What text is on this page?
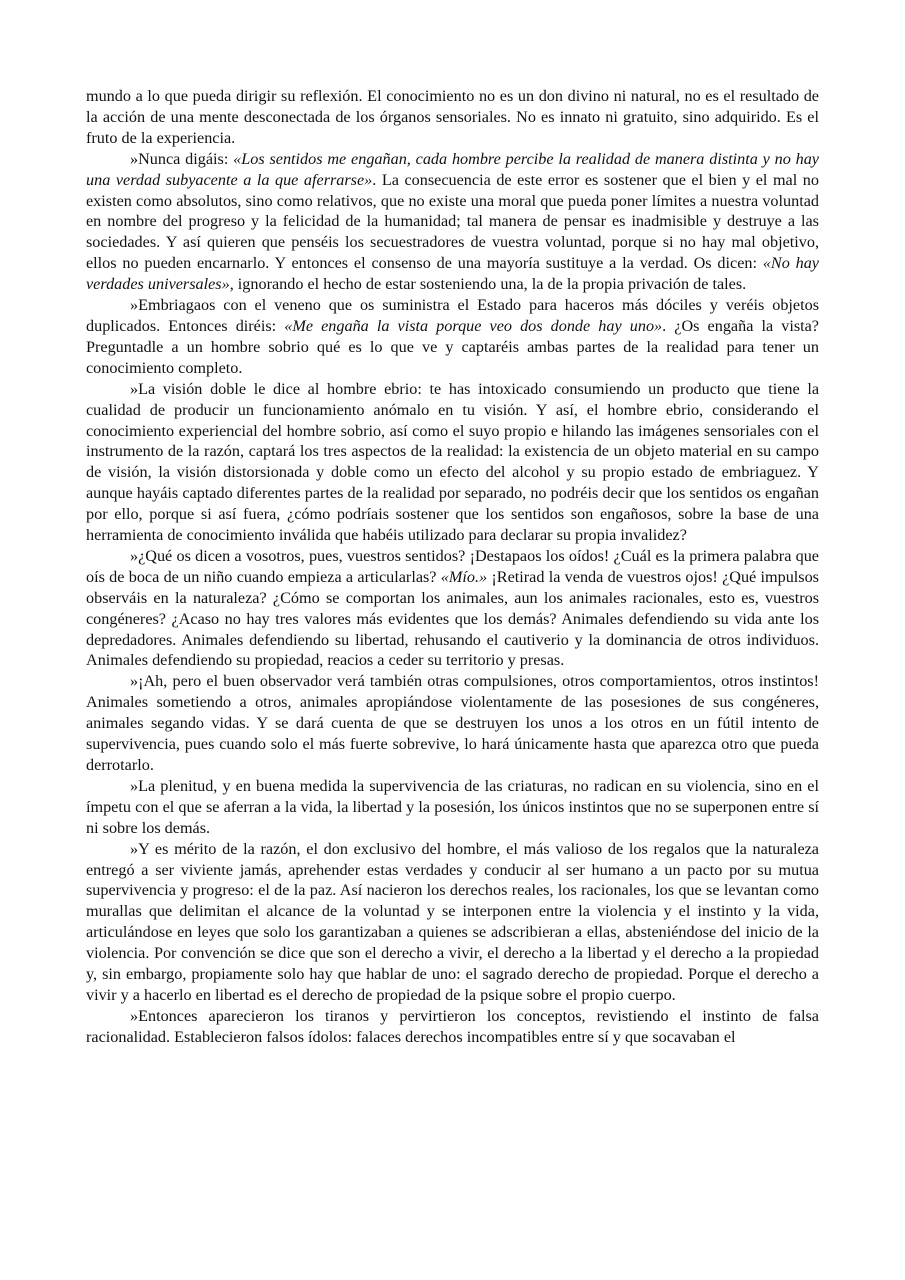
mundo a lo que pueda dirigir su reflexión. El conocimiento no es un don divino ni natural, no es el resultado de la acción de una mente desconectada de los órganos sensoriales. No es innato ni gratuito, sino adquirido. Es el fruto de la experiencia.

»Nunca digáis: «Los sentidos me engañan, cada hombre percibe la realidad de manera distinta y no hay una verdad subyacente a la que aferrarse». La consecuencia de este error es sostener que el bien y el mal no existen como absolutos, sino como relativos, que no existe una moral que pueda poner límites a nuestra voluntad en nombre del progreso y la felicidad de la humanidad; tal manera de pensar es inadmisible y destruye a las sociedades. Y así quieren que penséis los secuestradores de vuestra voluntad, porque si no hay mal objetivo, ellos no pueden encarnarlo. Y entonces el consenso de una mayoría sustituye a la verdad. Os dicen: «No hay verdades universales», ignorando el hecho de estar sosteniendo una, la de la propia privación de tales.

»Embriagaos con el veneno que os suministra el Estado para haceros más dóciles y veréis objetos duplicados. Entonces diréis: «Me engaña la vista porque veo dos donde hay uno». ¿Os engaña la vista? Preguntadle a un hombre sobrio qué es lo que ve y captaréis ambas partes de la realidad para tener un conocimiento completo.

»La visión doble le dice al hombre ebrio: te has intoxicado consumiendo un producto que tiene la cualidad de producir un funcionamiento anómalo en tu visión. Y así, el hombre ebrio, considerando el conocimiento experiencial del hombre sobrio, así como el suyo propio e hilando las imágenes sensoriales con el instrumento de la razón, captará los tres aspectos de la realidad: la existencia de un objeto material en su campo de visión, la visión distorsionada y doble como un efecto del alcohol y su propio estado de embriaguez. Y aunque hayáis captado diferentes partes de la realidad por separado, no podréis decir que los sentidos os engañan por ello, porque si así fuera, ¿cómo podríais sostener que los sentidos son engañosos, sobre la base de una herramienta de conocimiento inválida que habéis utilizado para declarar su propia invalidez?

»¿Qué os dicen a vosotros, pues, vuestros sentidos? ¡Destapaos los oídos! ¿Cuál es la primera palabra que oís de boca de un niño cuando empieza a articularlas? «Mío.» ¡Retirad la venda de vuestros ojos! ¿Qué impulsos observáis en la naturaleza? ¿Cómo se comportan los animales, aun los animales racionales, esto es, vuestros congéneres? ¿Acaso no hay tres valores más evidentes que los demás? Animales defendiendo su vida ante los depredadores. Animales defendiendo su libertad, rehusando el cautiverio y la dominancia de otros individuos. Animales defendiendo su propiedad, reacios a ceder su territorio y presas.

»¡Ah, pero el buen observador verá también otras compulsiones, otros comportamientos, otros instintos! Animales sometiendo a otros, animales apropiándose violentamente de las posesiones de sus congéneres, animales segando vidas. Y se dará cuenta de que se destruyen los unos a los otros en un fútil intento de supervivencia, pues cuando solo el más fuerte sobrevive, lo hará únicamente hasta que aparezca otro que pueda derrotarlo.

»La plenitud, y en buena medida la supervivencia de las criaturas, no radican en su violencia, sino en el ímpetu con el que se aferran a la vida, la libertad y la posesión, los únicos instintos que no se superponen entre sí ni sobre los demás.

»Y es mérito de la razón, el don exclusivo del hombre, el más valioso de los regalos que la naturaleza entregó a ser viviente jamás, aprehender estas verdades y conducir al ser humano a un pacto por su mutua supervivencia y progreso: el de la paz. Así nacieron los derechos reales, los racionales, los que se levantan como murallas que delimitan el alcance de la voluntad y se interponen entre la violencia y el instinto y la vida, articulándose en leyes que solo los garantizaban a quienes se adscribieran a ellas, absteniéndose del inicio de la violencia. Por convención se dice que son el derecho a vivir, el derecho a la libertad y el derecho a la propiedad y, sin embargo, propiamente solo hay que hablar de uno: el sagrado derecho de propiedad. Porque el derecho a vivir y a hacerlo en libertad es el derecho de propiedad de la psique sobre el propio cuerpo.

»Entonces aparecieron los tiranos y pervirtieron los conceptos, revistiendo el instinto de falsa racionalidad. Establecieron falsos ídolos: falaces derechos incompatibles entre sí y que socavaban el
